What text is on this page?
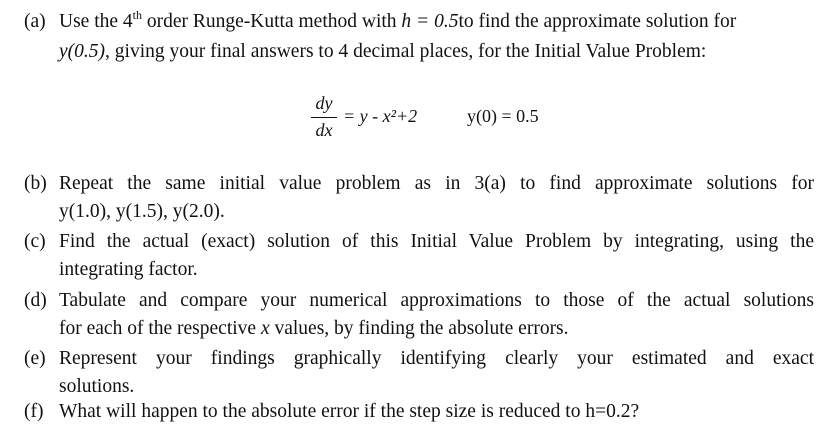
(a) Use the 4th order Runge-Kutta method with h = 0.5to find the approximate solution for
y(0.5), giving your final answers to 4 decimal places, for the Initial Value Problem:
dy
dx
= y - x²+2	y(0) = 0.5
(b) Repeat the same initial value problem as in 3(a) to find approximate solutions for
y(1.0), y(1.5), y(2.0).
(c) Find the actual (exact) solution of this Initial Value Problem by integrating, using the
integrating factor.
(d) Tabulate and compare your numerical approximations to those of the actual solutions
for each of the respective x values, by finding the absolute errors.
(e) Represent your findings graphically identifying clearly your estimated and exact
solutions.
(f) What will happen to the absolute error if the step size is reduced to h=0.2?
